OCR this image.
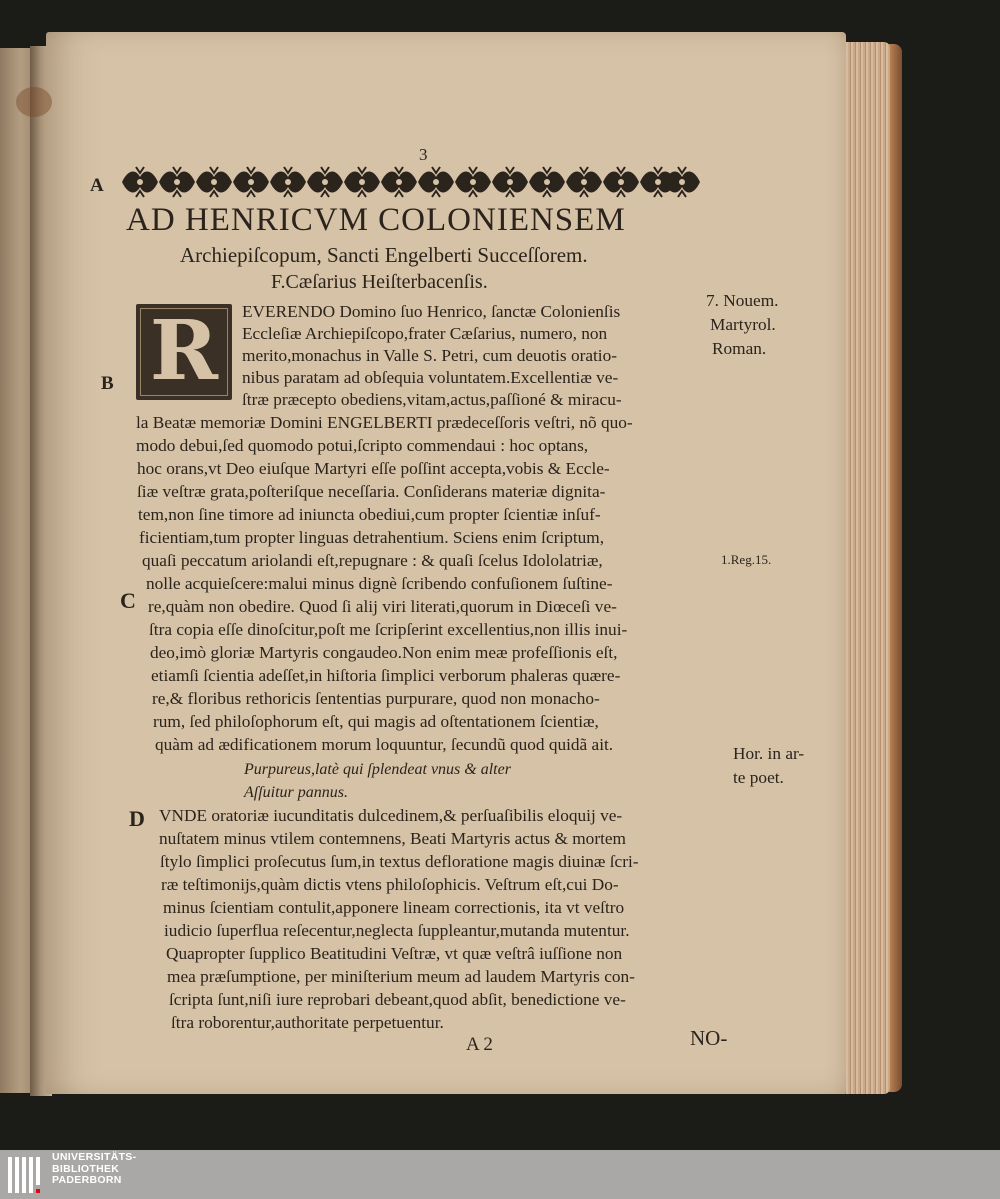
3

A

B

C

D

AD HENRICVM COLONIENSEM

Archiepiſcopum, Sancti Engelberti Succeſſorem.

F.Cæſarius Heiſterbacenſis.

R	EVERENDO Domino ſuo Henrico, ſanctæ Colonienſis

Eccleſiæ Archiepiſcopo,frater Cæſarius, numero, non

merito,monachus in Valle S. Petri, cum deuotis oratio-

nibus paratam ad obſequia voluntatem.Excellentiæ ve-

ſtræ præcepto obediens,vitam,actus,paſſioné & miracu-

la Beatæ memoriæ Domini ENGELBERTI prædeceſſoris veſtri, nõ quo-

modo debui,ſed quomodo potui,ſcripto commendaui : hoc optans,

hoc orans,vt Deo eiuſque Martyri eſſe poſſint accepta,vobis & Eccle-

ſiæ veſtræ grata,poſteriſque neceſſaria. Conſiderans materiæ dignita-

tem,non ſine timore ad iniuncta obediui,cum propter ſcientiæ inſuf-

ficientiam,tum propter linguas detrahentium. Sciens enim ſcriptum,

quaſi peccatum ariolandi eſt,repugnare : & quaſi ſcelus Idololatriæ,

nolle acquieſcere:malui minus dignè ſcribendo confuſionem ſuſtine-

re,quàm non obedire. Quod ſi alij viri literati,quorum in Diœceſi ve-

ſtra copia eſſe dinoſcitur,poſt me ſcripſerint excellentius,non illis inui-

deo,imò gloriæ Martyris congaudeo.Non enim meæ profeſſionis eſt,

etiamſi ſcientia adeſſet,in hiſtoria ſimplici verborum phaleras quære-

re,& floribus rethoricis ſententias purpurare, quod non monacho-

rum, ſed philoſophorum eſt, qui magis ad oſtentationem ſcientiæ,

quàm ad ædificationem morum loquuntur, ſecundũ quod quidã ait.

Purpureus,latè qui ſplendeat vnus & alter

Aſſuitur pannus.

VNDE oratoriæ iucunditatis dulcedinem,& perſuaſibilis eloquij ve-

nuſtatem minus vtilem contemnens, Beati Martyris actus & mortem

ſtylo ſimplici proſecutus ſum,in textus defloratione magis diuinæ ſcri-

ræ teſtimonijs,quàm dictis vtens philoſophicis. Veſtrum eſt,cui Do-

minus ſcientiam contulit,apponere lineam correctionis, ita vt veſtro

iudicio ſuperflua reſecentur,neglecta ſuppleantur,mutanda mutentur.

Quapropter ſupplico Beatitudini Veſtræ, vt quæ veſtrâ iuſſione non

mea præſumptione, per miniſterium meum ad laudem Martyris con-

ſcripta ſunt,niſi iure reprobari debeant,quod abſit, benedictione ve-

ſtra roborentur,authoritate perpetuentur.

7. Nouem.

Martyrol.

Roman.

1.Reg.15.

Hor. in ar-

te poet.

A 2	NO-

UNIVERSITÄTS-
BIBLIOTHEK
PADERBORN
